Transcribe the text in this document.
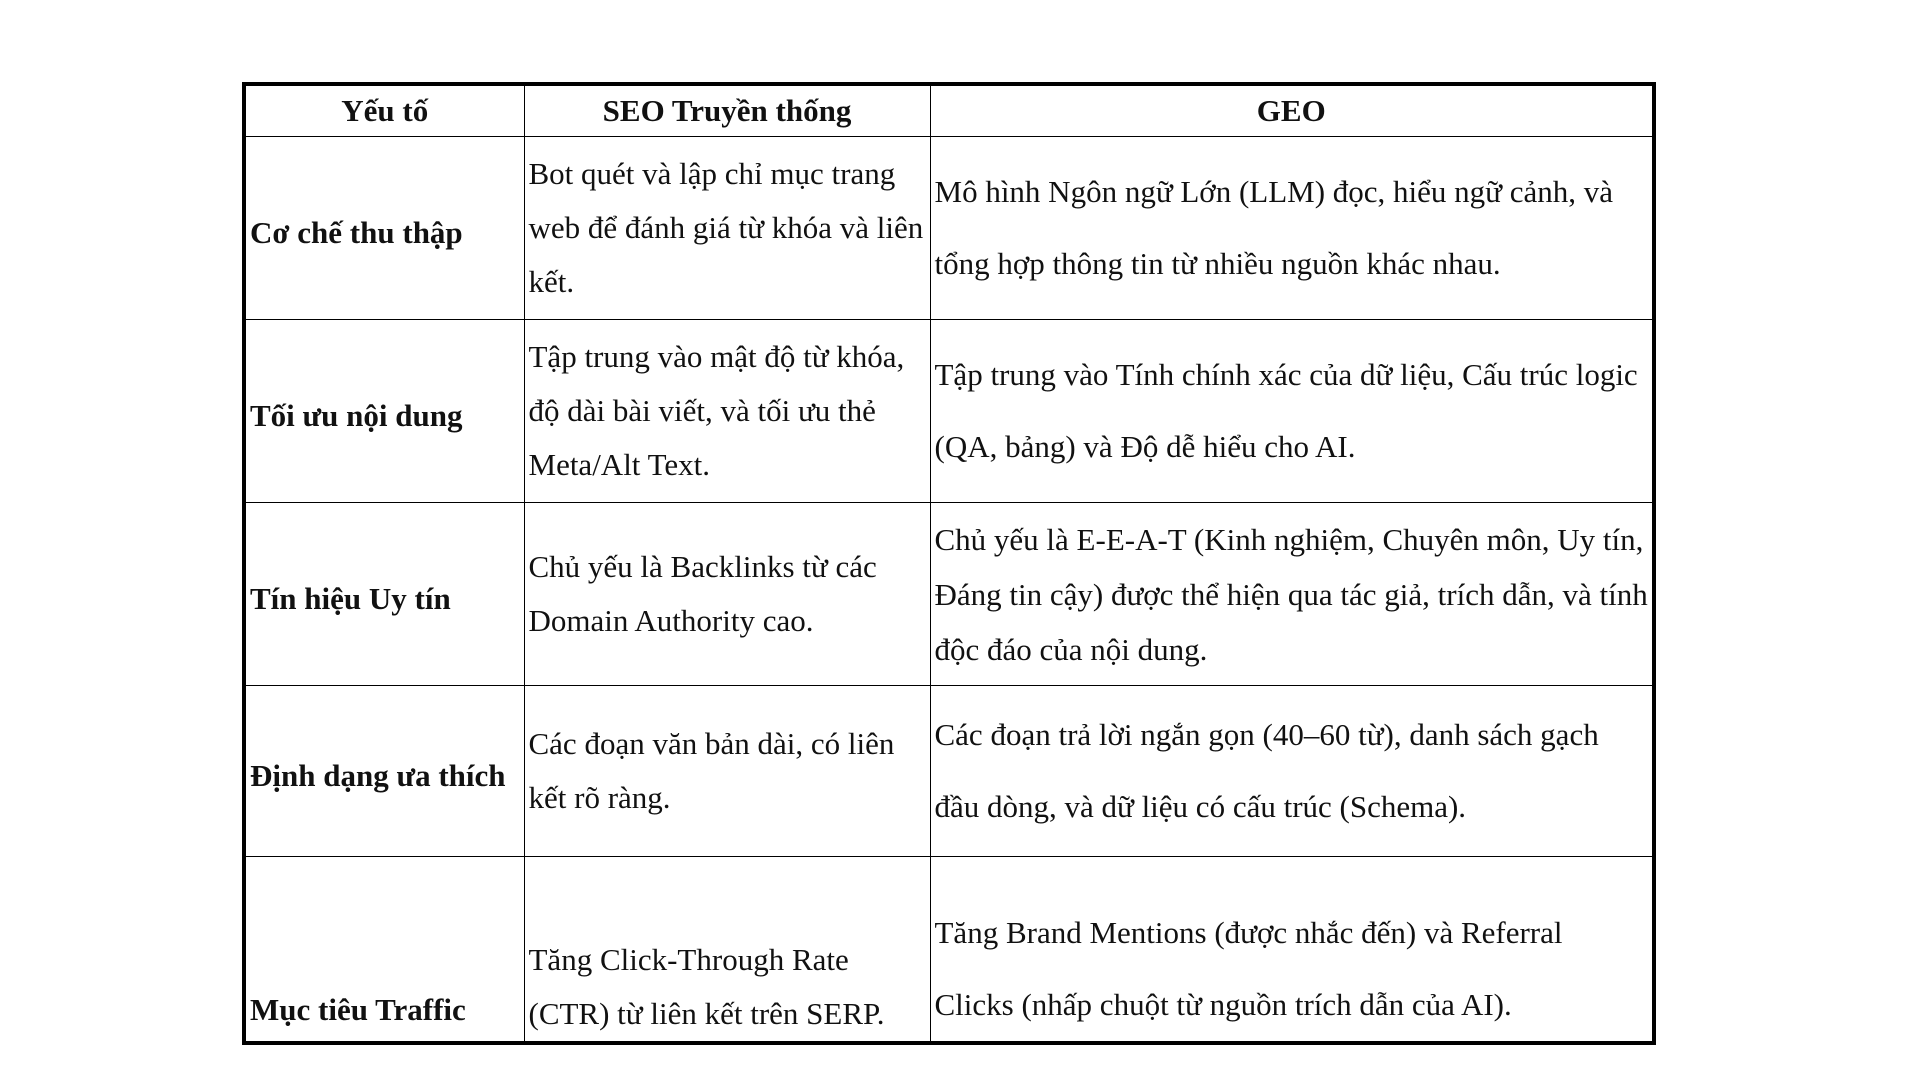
Yếu tố	SEO Truyền thống	GEO
Cơ chế thu thập	Bot quét và lập chỉ mục trang web để đánh giá từ khóa và liên kết.	Mô hình Ngôn ngữ Lớn (LLM) đọc, hiểu ngữ cảnh, và tổng hợp thông tin từ nhiều nguồn khác nhau.
Tối ưu nội dung	Tập trung vào mật độ từ khóa, độ dài bài viết, và tối ưu thẻ Meta/Alt Text.	Tập trung vào Tính chính xác của dữ liệu, Cấu trúc logic (QA, bảng) và Độ dễ hiểu cho AI.
Tín hiệu Uy tín	Chủ yếu là Backlinks từ các Domain Authority cao.	Chủ yếu là E-E-A-T (Kinh nghiệm, Chuyên môn, Uy tín, Đáng tin cậy) được thể hiện qua tác giả, trích dẫn, và tính độc đáo của nội dung.
Định dạng ưa thích	Các đoạn văn bản dài, có liên kết rõ ràng.	Các đoạn trả lời ngắn gọn (40–60 từ), danh sách gạch đầu dòng, và dữ liệu có cấu trúc (Schema).
Mục tiêu Traffic	Tăng Click-Through Rate (CTR) từ liên kết trên SERP.	Tăng Brand Mentions (được nhắc đến) và Referral Clicks (nhấp chuột từ nguồn trích dẫn của AI).
